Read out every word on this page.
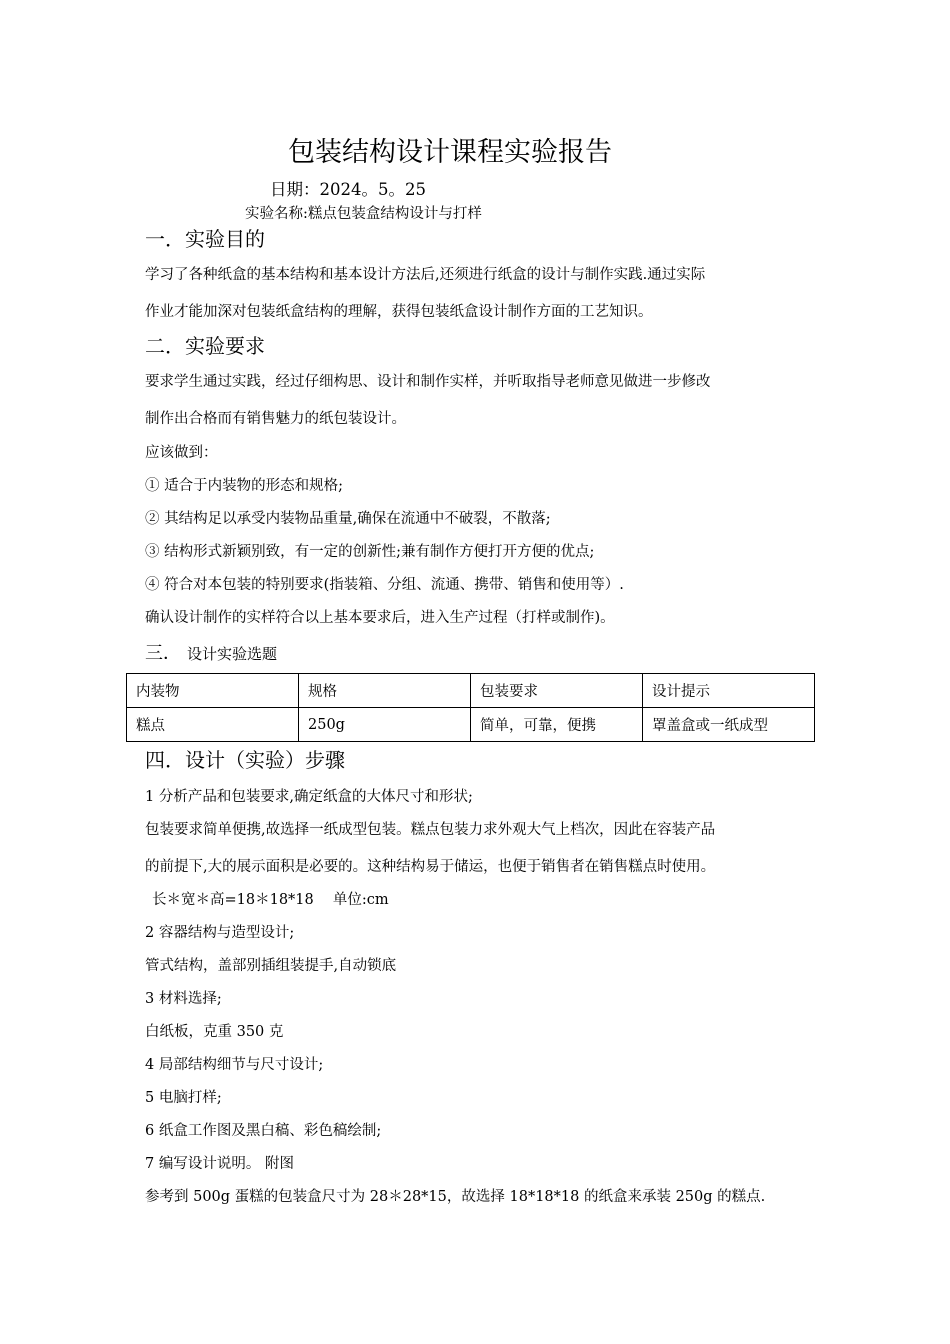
包装结构设计课程实验报告
日期：2024。5。25
实验名称:糕点包装盒结构设计与打样
一．实验目的
学习了各种纸盒的基本结构和基本设计方法后,还须进行纸盒的设计与制作实践.通过实际
作业才能加深对包装纸盒结构的理解，获得包装纸盒设计制作方面的工艺知识。
二．实验要求
要求学生通过实践，经过仔细构思、设计和制作实样，并听取指导老师意见做进一步修改
制作出合格而有销售魅力的纸包装设计。
应该做到：
① 适合于内装物的形态和规格;
② 其结构足以承受内装物品重量,确保在流通中不破裂，不散落;
③ 结构形式新颖别致，有一定的创新性;兼有制作方便打开方便的优点;
④ 符合对本包装的特别要求(指装箱、分组、流通、携带、销售和使用等）.
确认设计制作的实样符合以上基本要求后，进入生产过程（打样或制作)。
三． 设计实验选题
内装物	规格	包装要求	设计提示
糕点	250g	简单，可靠，便携	罩盖盒或一纸成型
四．设计（实验）步骤
1 分析产品和包装要求,确定纸盒的大体尺寸和形状;
包装要求简单便携,故选择一纸成型包装。糕点包装力求外观大气上档次，因此在容装产品
的前提下,大的展示面积是必要的。这种结构易于储运，也便于销售者在销售糕点时使用。
长＊宽＊高=18＊18*18　 单位:cm
2 容器结构与造型设计;
管式结构，盖部别插组装提手,自动锁底
3 材料选择;
白纸板，克重 350 克
4 局部结构细节与尺寸设计;
5 电脑打样;
6 纸盒工作图及黑白稿、彩色稿绘制;
7 编写设计说明。 附图
参考到 500g 蛋糕的包装盒尺寸为 28＊28*15，故选择 18*18*18 的纸盒来承装 250g 的糕点.
